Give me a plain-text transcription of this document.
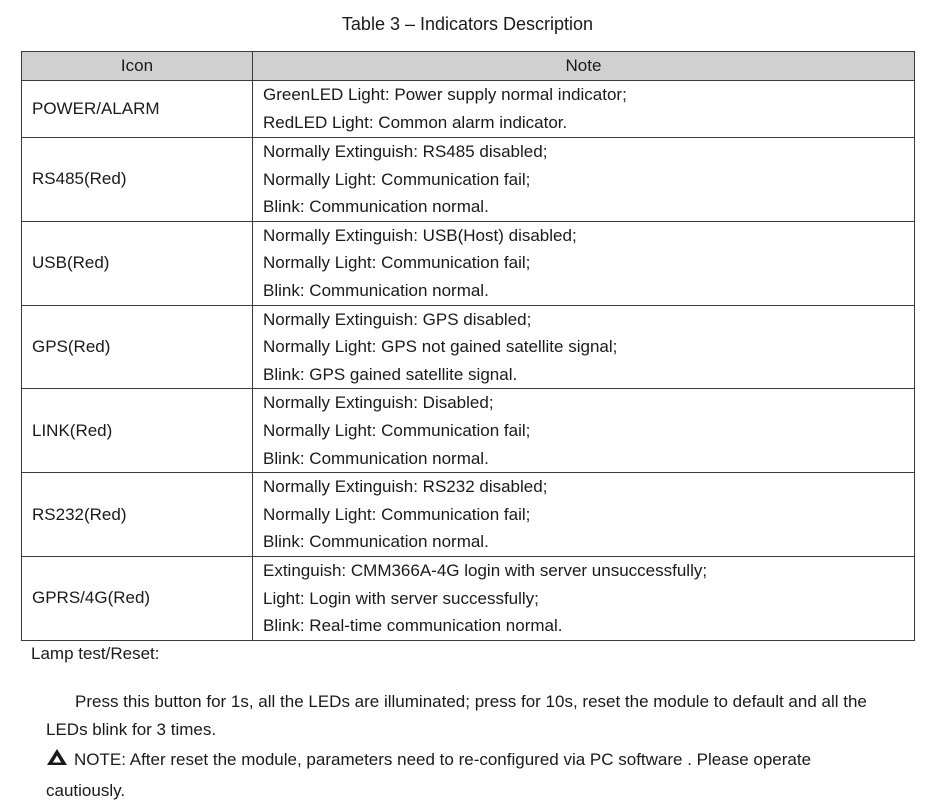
Table 3 – Indicators Description
Icon	Note
POWER/ALARM	GreenLED Light: Power supply normal indicator;
RedLED Light: Common alarm indicator.

RS485(Red)	Normally Extinguish: RS485 disabled;
Normally Light: Communication fail;
Blink: Communication normal.

USB(Red)	Normally Extinguish: USB(Host) disabled;
Normally Light: Communication fail;
Blink: Communication normal.

GPS(Red)	Normally Extinguish: GPS disabled;
Normally Light: GPS not gained satellite signal;
Blink: GPS gained satellite signal.

LINK(Red)	Normally Extinguish: Disabled;
Normally Light: Communication fail;
Blink: Communication normal.

RS232(Red)	Normally Extinguish: RS232 disabled;
Normally Light: Communication fail;
Blink: Communication normal.

GPRS/4G(Red)	Extinguish: CMM366A-4G login with server unsuccessfully;
Light: Login with server successfully;
Blink: Real-time communication normal.
Lamp test/Reset:
Press this button for 1s, all the LEDs are illuminated; press for 10s, reset the module to default and all the LEDs blink for 3 times.
NOTE: After reset the module, parameters need to re-configured via PC software . Please operate cautiously.
